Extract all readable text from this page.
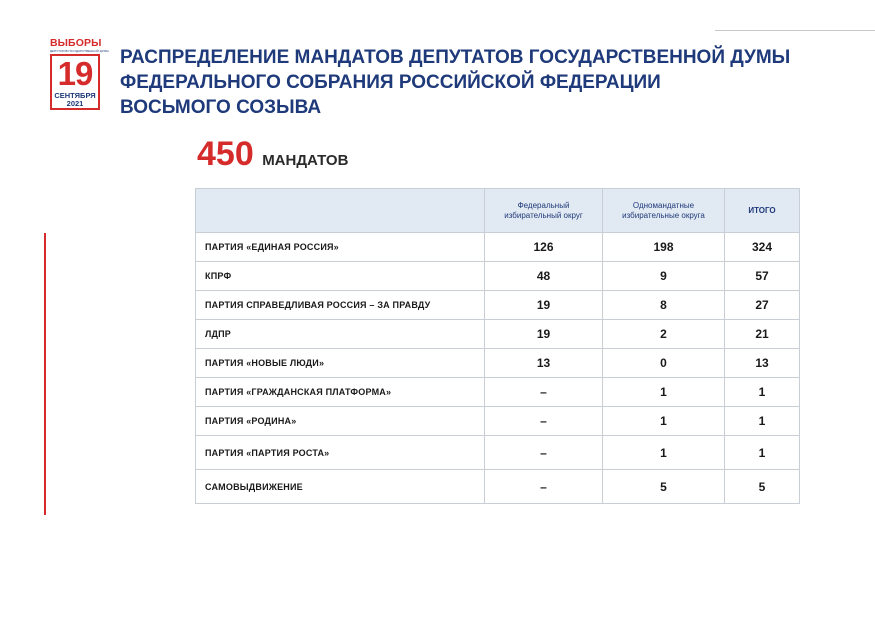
ВЫБОРЫ
ДЕПУТАТОВ ГОСУДАРСТВЕННОЙ ДУМЫ
19
СЕНТЯБРЯ
2021
РАСПРЕДЕЛЕНИЕ МАНДАТОВ ДЕПУТАТОВ ГОСУДАРСТВЕННОЙ ДУМЫ
ФЕДЕРАЛЬНОГО СОБРАНИЯ РОССИЙСКОЙ ФЕДЕРАЦИИ
ВОСЬМОГО СОЗЫВА
450 МАНДАТОВ
	Федеральный избирательный округ	Одномандатные избирательные округа	ИТОГО
ПАРТИЯ «ЕДИНАЯ РОССИЯ»	126	198	324
КПРФ	48	9	57
ПАРТИЯ СПРАВЕДЛИВАЯ РОССИЯ – ЗА ПРАВДУ	19	8	27
ЛДПР	19	2	21
ПАРТИЯ «НОВЫЕ ЛЮДИ»	13	0	13
ПАРТИЯ «ГРАЖДАНСКАЯ ПЛАТФОРМА»	–	1	1
ПАРТИЯ «РОДИНА»	–	1	1
ПАРТИЯ «ПАРТИЯ РОСТА»	–	1	1
САМОВЫДВИЖЕНИЕ	–	5	5
